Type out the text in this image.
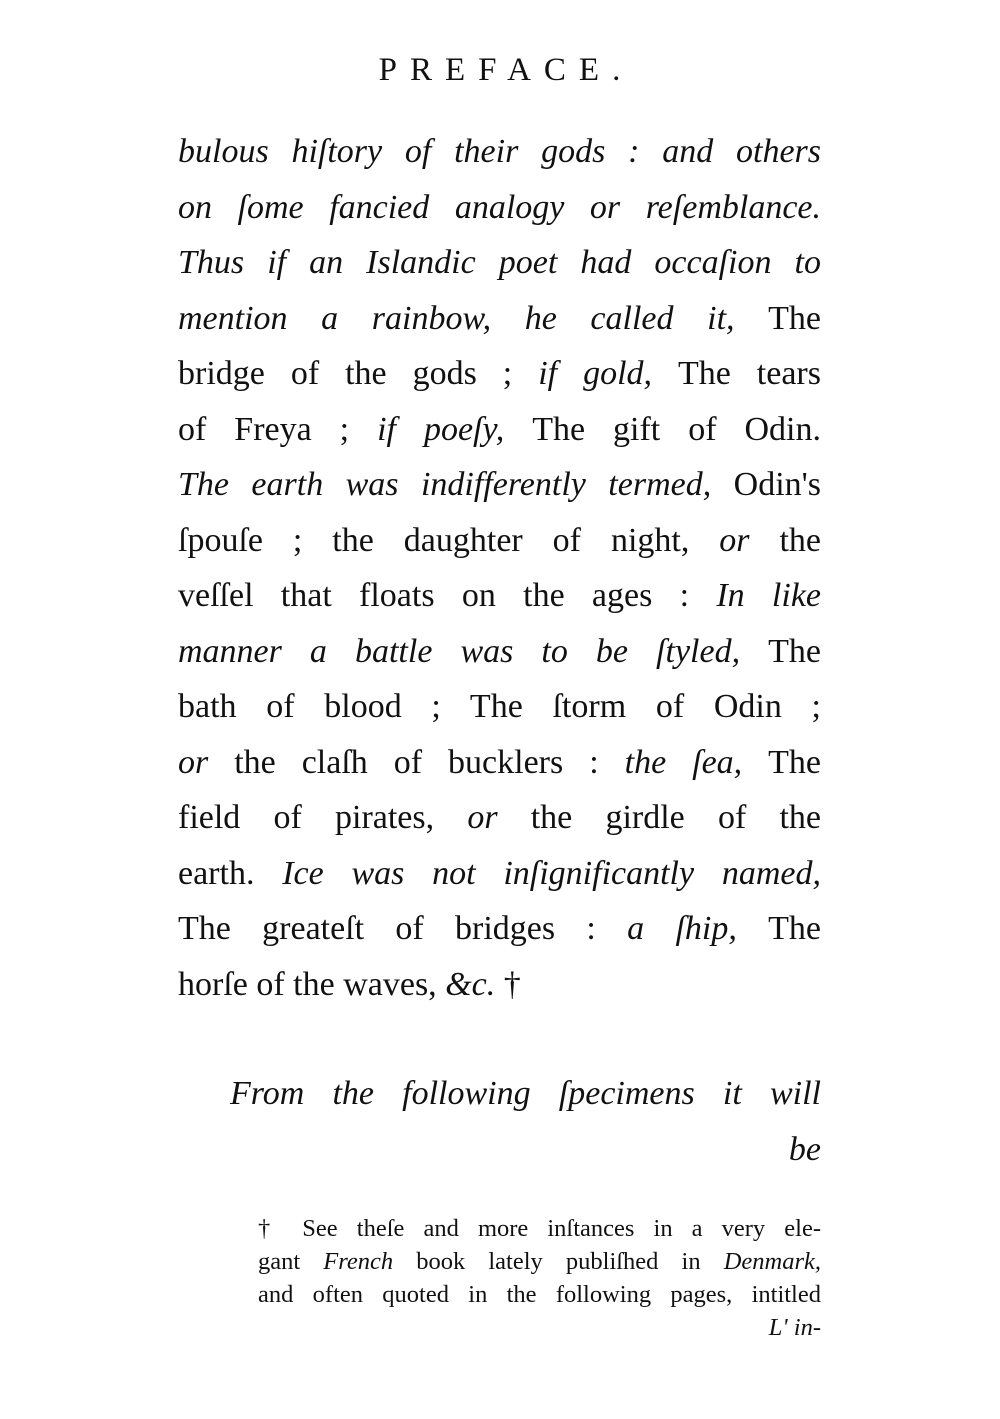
PREFACE.
bulous hiſtory of their gods : and others
on ſome fancied analogy or reſemblance.
Thus if an Islandic poet had occaſion to
mention a rainbow, he called it, The
bridge of the gods ; if gold, The tears
of Freya ; if poeſy, The gift of Odin.
The earth was indifferently termed, Odin's
ſpouſe ; the daughter of night, or the
veſſel that floats on the ages : In like
manner a battle was to be ſtyled, The
bath of blood ; The ſtorm of Odin ;
or the claſh of bucklers : the ſea, The
field of pirates, or the girdle of the
earth. Ice was not inſignificantly named,
The greateſt of bridges : a ſhip, The
horſe of the waves, &c. †
From the following ſpecimens it will
be
† See theſe and more inſtances in a very ele-
gant French book lately publiſhed in Denmark,
and often quoted in the following pages, intitled
L' in-
